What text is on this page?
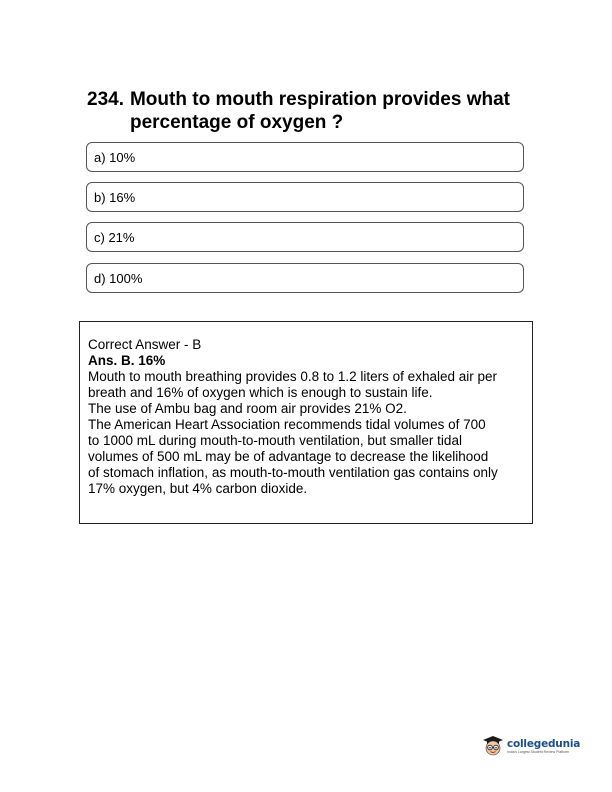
234. Mouth to mouth respiration provides what percentage of oxygen ?
a) 10%
b) 16%
c) 21%
d) 100%
Correct Answer - B
Ans. B. 16%
Mouth to mouth breathing provides 0.8 to 1.2 liters of exhaled air per
breath and 16% of oxygen which is enough to sustain life.
The use of Ambu bag and room air provides 21% O2.
The American Heart Association recommends tidal volumes of 700
to 1000 mL during mouth-to-mouth ventilation, but smaller tidal
volumes of 500 mL may be of advantage to decrease the likelihood
of stomach inflation, as mouth-to-mouth ventilation gas contains only
17% oxygen, but 4% carbon dioxide.
collegedunia
India's Largest Student Review Platform
